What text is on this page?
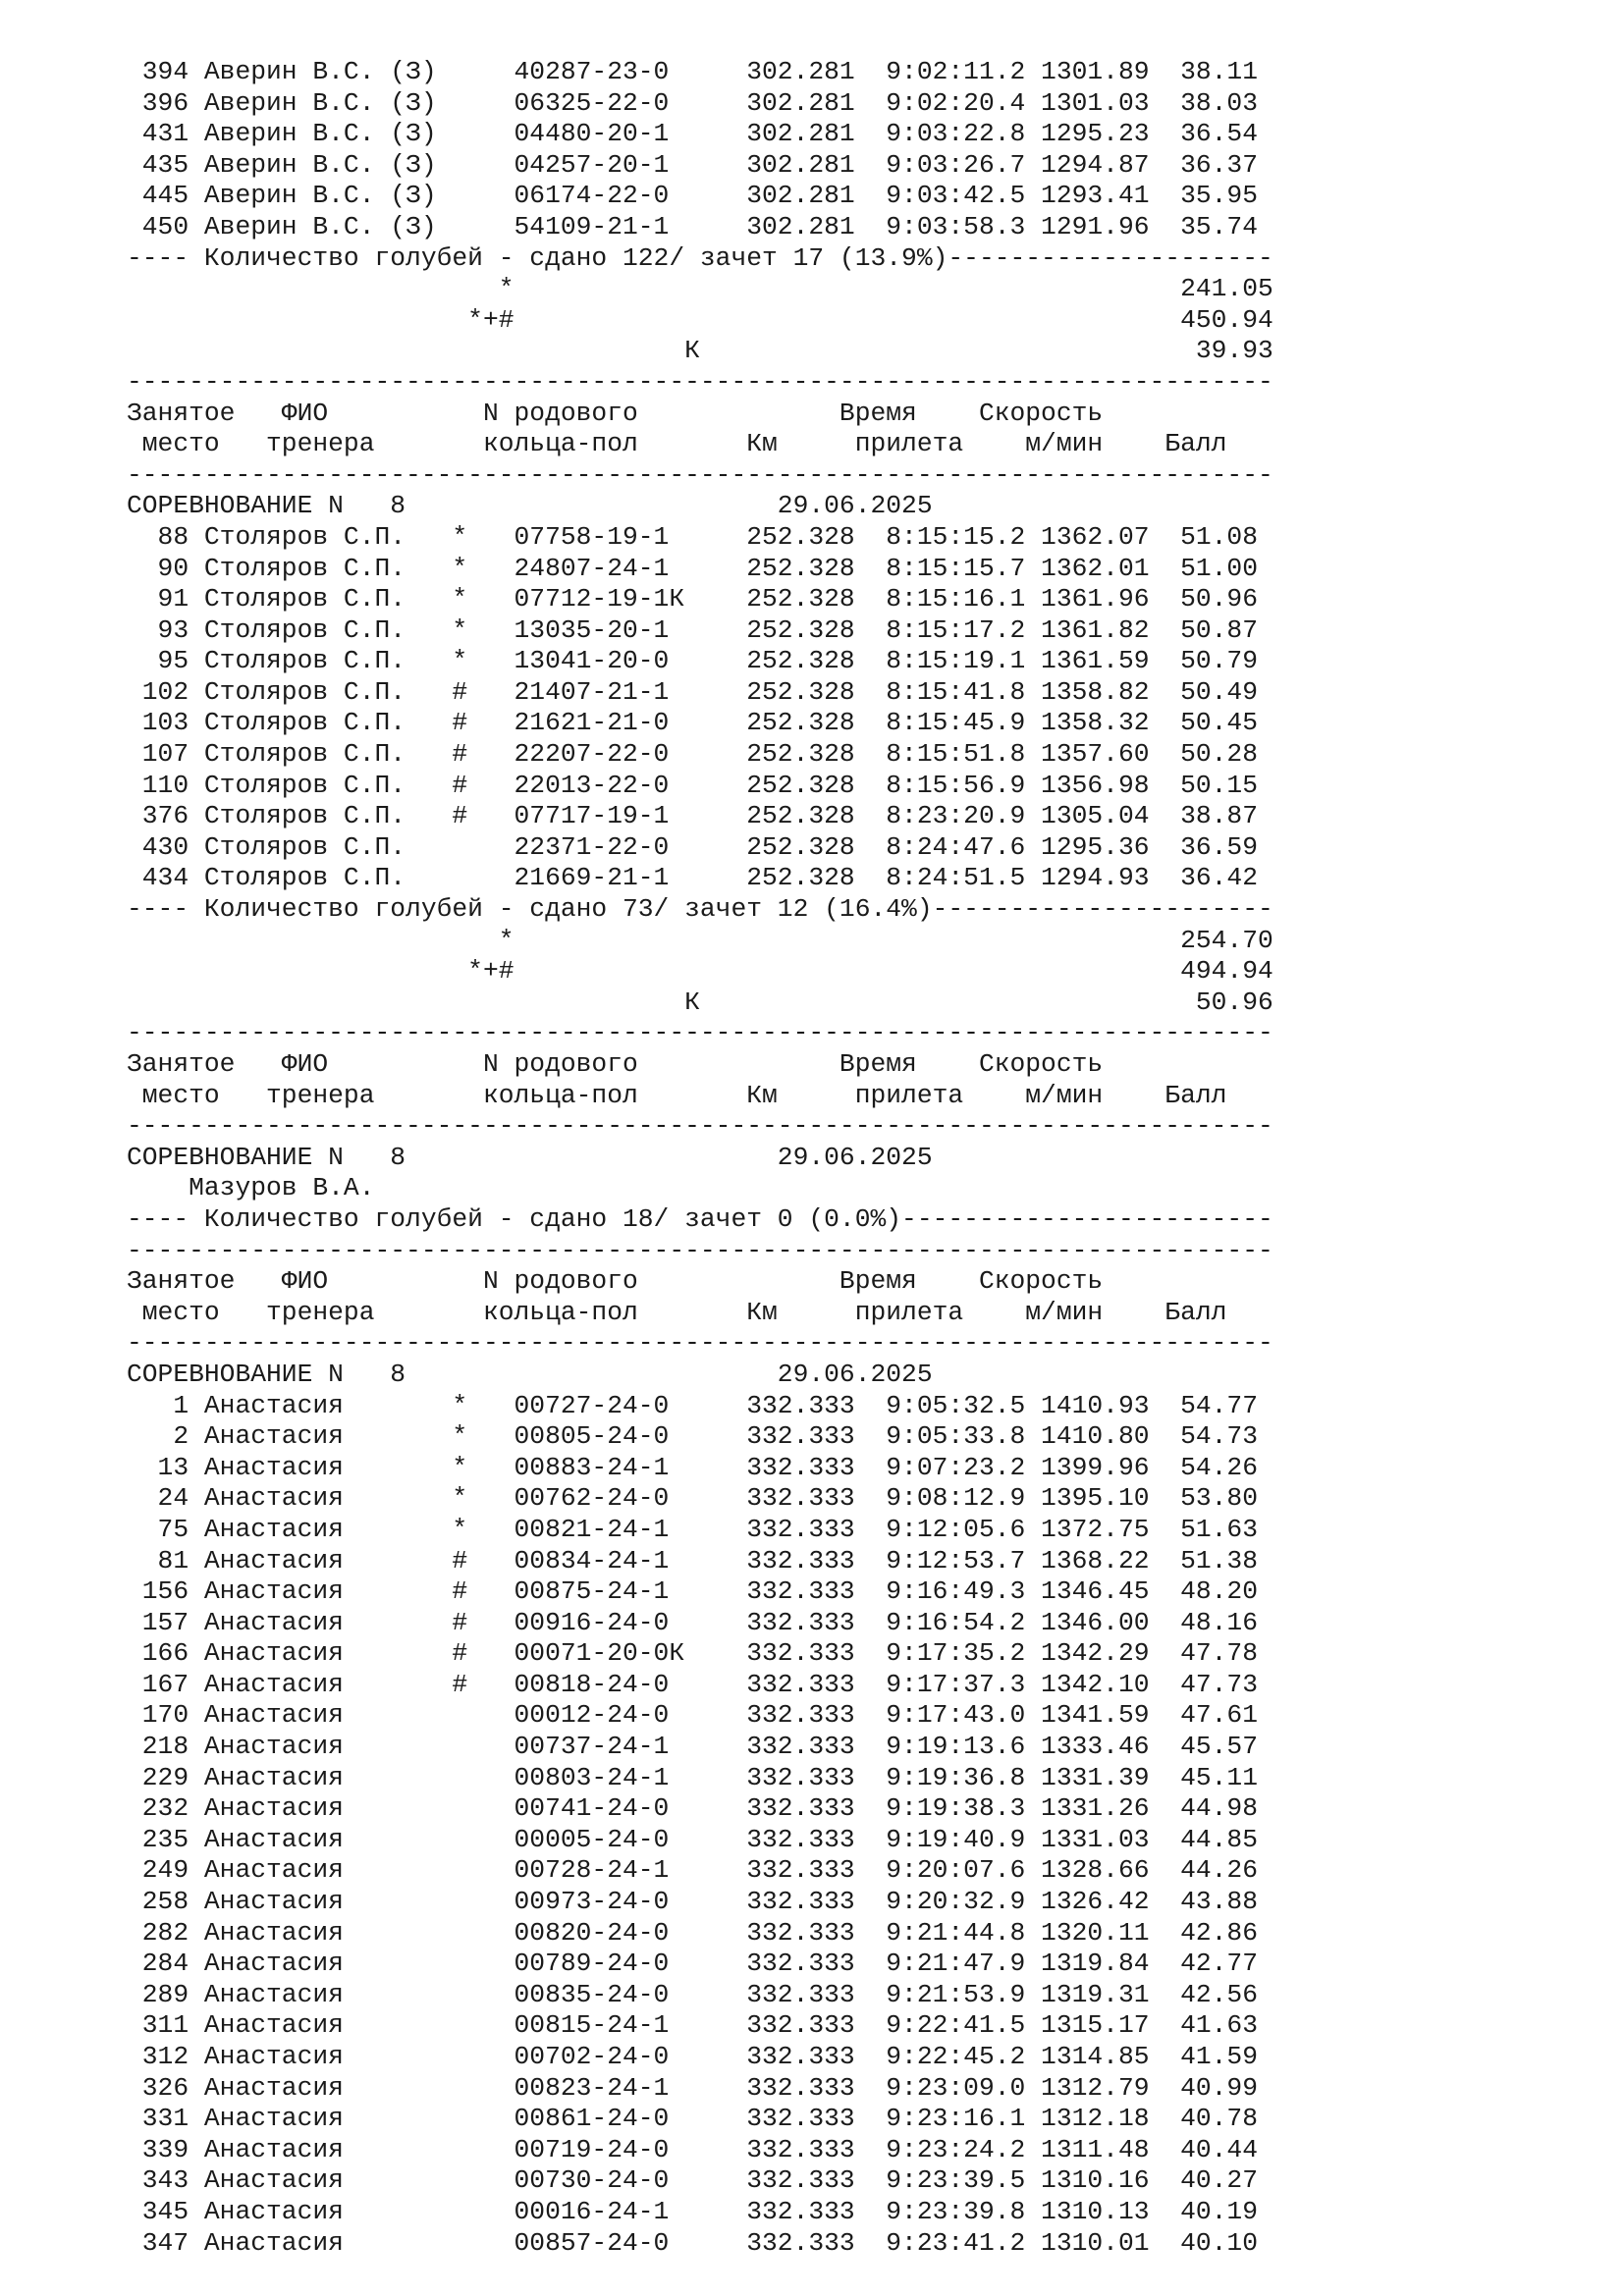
394 Аверин В.С. (З)     40287-23-0     302.281  9:02:11.2 1301.89  38.11
396 Аверин В.С. (З)     06325-22-0     302.281  9:02:20.4 1301.03  38.03
431 Аверин В.С. (З)     04480-20-1     302.281  9:03:22.8 1295.23  36.54
435 Аверин В.С. (З)     04257-20-1     302.281  9:03:26.7 1294.87  36.37
445 Аверин В.С. (З)     06174-22-0     302.281  9:03:42.5 1293.41  35.95
450 Аверин В.С. (З)     54109-21-1     302.281  9:03:58.3 1291.96  35.74
---- Количество голубей - сдано 122/ зачет 17 (13.9%)---------------------
*                                           241.05
*+#                                           450.94
К                                39.93
--------------------------------------------------------------------------
Занятое   ФИО          N родового             Время    Скорость
место   тренера       кольца-пол       Км     прилета    м/мин    Балл
--------------------------------------------------------------------------
СОРЕВНОВАНИЕ N   8                        29.06.2025
88 Столяров С.П.   *   07758-19-1     252.328  8:15:15.2 1362.07  51.08
90 Столяров С.П.   *   24807-24-1     252.328  8:15:15.7 1362.01  51.00
91 Столяров С.П.   *   07712-19-1К    252.328  8:15:16.1 1361.96  50.96
93 Столяров С.П.   *   13035-20-1     252.328  8:15:17.2 1361.82  50.87
95 Столяров С.П.   *   13041-20-0     252.328  8:15:19.1 1361.59  50.79
102 Столяров С.П.   #   21407-21-1     252.328  8:15:41.8 1358.82  50.49
103 Столяров С.П.   #   21621-21-0     252.328  8:15:45.9 1358.32  50.45
107 Столяров С.П.   #   22207-22-0     252.328  8:15:51.8 1357.60  50.28
110 Столяров С.П.   #   22013-22-0     252.328  8:15:56.9 1356.98  50.15
376 Столяров С.П.   #   07717-19-1     252.328  8:23:20.9 1305.04  38.87
430 Столяров С.П.       22371-22-0     252.328  8:24:47.6 1295.36  36.59
434 Столяров С.П.       21669-21-1     252.328  8:24:51.5 1294.93  36.42
---- Количество голубей - сдано 73/ зачет 12 (16.4%)----------------------
*                                           254.70
*+#                                           494.94
К                                50.96
--------------------------------------------------------------------------
Занятое   ФИО          N родового             Время    Скорость
место   тренера       кольца-пол       Км     прилета    м/мин    Балл
--------------------------------------------------------------------------
СОРЕВНОВАНИЕ N   8                        29.06.2025
Мазуров В.А.
---- Количество голубей - сдано 18/ зачет 0 (0.0%)------------------------
--------------------------------------------------------------------------
Занятое   ФИО          N родового             Время    Скорость
место   тренера       кольца-пол       Км     прилета    м/мин    Балл
--------------------------------------------------------------------------
СОРЕВНОВАНИЕ N   8                        29.06.2025
1 Анастасия       *   00727-24-0     332.333  9:05:32.5 1410.93  54.77
2 Анастасия       *   00805-24-0     332.333  9:05:33.8 1410.80  54.73
13 Анастасия       *   00883-24-1     332.333  9:07:23.2 1399.96  54.26
24 Анастасия       *   00762-24-0     332.333  9:08:12.9 1395.10  53.80
75 Анастасия       *   00821-24-1     332.333  9:12:05.6 1372.75  51.63
81 Анастасия       #   00834-24-1     332.333  9:12:53.7 1368.22  51.38
156 Анастасия       #   00875-24-1     332.333  9:16:49.3 1346.45  48.20
157 Анастасия       #   00916-24-0     332.333  9:16:54.2 1346.00  48.16
166 Анастасия       #   00071-20-0К    332.333  9:17:35.2 1342.29  47.78
167 Анастасия       #   00818-24-0     332.333  9:17:37.3 1342.10  47.73
170 Анастасия           00012-24-0     332.333  9:17:43.0 1341.59  47.61
218 Анастасия           00737-24-1     332.333  9:19:13.6 1333.46  45.57
229 Анастасия           00803-24-1     332.333  9:19:36.8 1331.39  45.11
232 Анастасия           00741-24-0     332.333  9:19:38.3 1331.26  44.98
235 Анастасия           00005-24-0     332.333  9:19:40.9 1331.03  44.85
249 Анастасия           00728-24-1     332.333  9:20:07.6 1328.66  44.26
258 Анастасия           00973-24-0     332.333  9:20:32.9 1326.42  43.88
282 Анастасия           00820-24-0     332.333  9:21:44.8 1320.11  42.86
284 Анастасия           00789-24-0     332.333  9:21:47.9 1319.84  42.77
289 Анастасия           00835-24-0     332.333  9:21:53.9 1319.31  42.56
311 Анастасия           00815-24-1     332.333  9:22:41.5 1315.17  41.63
312 Анастасия           00702-24-0     332.333  9:22:45.2 1314.85  41.59
326 Анастасия           00823-24-1     332.333  9:23:09.0 1312.79  40.99
331 Анастасия           00861-24-0     332.333  9:23:16.1 1312.18  40.78
339 Анастасия           00719-24-0     332.333  9:23:24.2 1311.48  40.44
343 Анастасия           00730-24-0     332.333  9:23:39.5 1310.16  40.27
345 Анастасия           00016-24-1     332.333  9:23:39.8 1310.13  40.19
347 Анастасия           00857-24-0     332.333  9:23:41.2 1310.01  40.10
